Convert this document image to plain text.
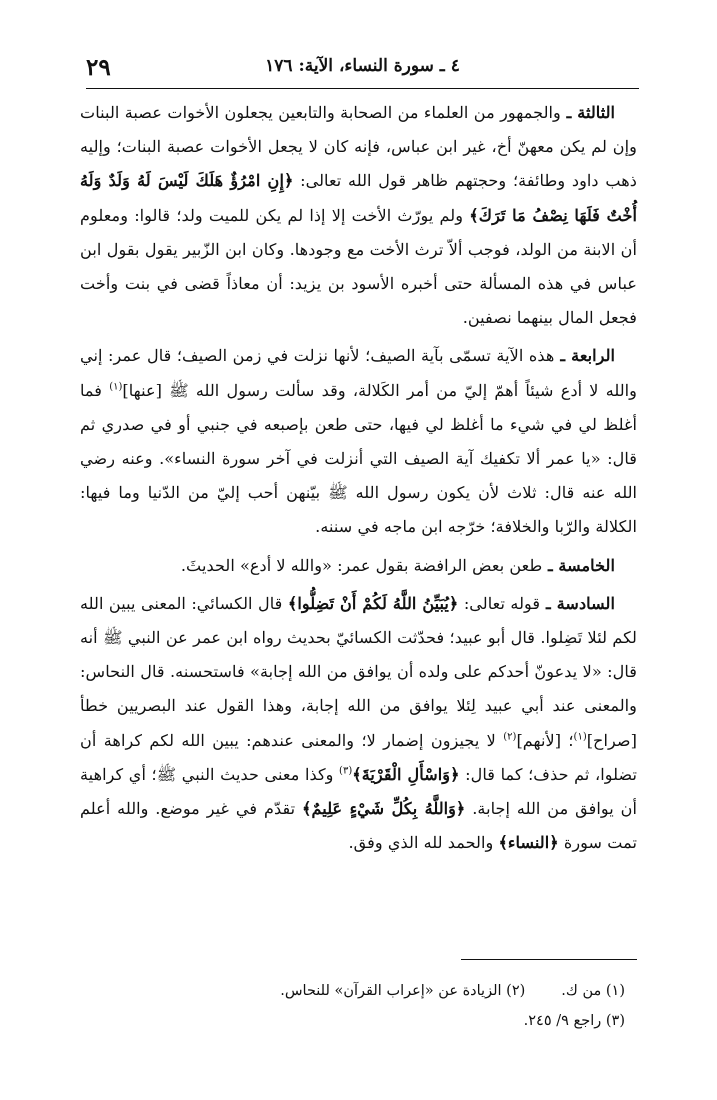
٤ ـ سورة النساء، الآية: ١٧٦
٢٩

الثالثة ـ والجمهور من العلماء من الصحابة والتابعين يجعلون الأخوات عصبة البنات وإن لم يكن معهنّ أخ، غير ابن عباس، فإنه كان لا يجعل الأخوات عصبة البنات؛ وإليه ذهب داود وطائفة؛ وحجتهم ظاهر قول الله تعالى: ﴿إِنِ امْرُؤٌ هَلَكَ لَيْسَ لَهُ وَلَدٌ وَلَهُ أُخْتٌ فَلَهَا نِصْفُ مَا تَرَكَ﴾ ولم يورّث الأخت إلا إذا لم يكن للميت ولد؛ قالوا: ومعلوم أن الابنة من الولد، فوجب ألاّ ترث الأخت مع وجودها. وكان ابن الزّبير يقول بقول ابن عباس في هذه المسألة حتى أخبره الأسود بن يزيد: أن معاذاً قضى في بنت وأخت فجعل المال بينهما نصفين.

الرابعة ـ هذه الآية تسمّى بآية الصيف؛ لأنها نزلت في زمن الصيف؛ قال عمر: إني والله لا أدع شيئاً أهمّ إليّ من أمر الكَلالة، وقد سألت رسول الله ﷺ [عنها]$^{(١)}$ فما أغلظ لي في شيء ما أغلظ لي فيها، حتى طعن بإصبعه في جنبي أو في صدري ثم قال: «يا عمر ألا تكفيك آية الصيف التي أنزلت في آخر سورة النساء». وعنه رضي الله عنه قال: ثلاث لأن يكون رسول الله ﷺ بيّنهن أحب إليّ من الدّنيا وما فيها: الكلالة والرّبا والخلافة؛ خرّجه ابن ماجه في سننه.

الخامسة ـ طعن بعض الرافضة بقول عمر: «والله لا أدع» الحديثَ.

السادسة ـ قوله تعالى: ﴿يُبَيِّنُ اللَّهُ لَكُمْ أَنْ تَضِلُّوا﴾ قال الكسائي: المعنى يبين الله لكم لئلا تَضِلوا. قال أبو عبيد؛ فحدّثت الكسائيّ بحديث رواه ابن عمر عن النبي ﷺ أنه قال: «لا يدعونّ أحدكم على ولده أن يوافق من الله إجابة» فاستحسنه. قال النحاس: والمعنى عند أبي عبيد لِئلا يوافق من الله إجابة، وهذا القول عند البصريين خطأ [صراح]$^{(١)}$؛ [لأنهم]$^{(٢)}$ لا يجيزون إضمار لا؛ والمعنى عندهم: يبين الله لكم كراهة أن تضلوا، ثم حذف؛ كما قال: ﴿وَاسْأَلِ الْقَرْيَةَ﴾$^{(٣)}$ وكذا معنى حديث النبي ﷺ؛ أي كراهية أن يوافق من الله إجابة. ﴿وَاللَّهُ بِكُلِّ شَيْءٍ عَلِيمٌ﴾ تقدّم في غير موضع. والله أعلم تمت سورة ﴿النساء﴾ والحمد لله الذي وفق.

(١) من ك.(٢) الزيادة عن «إعراب القرآن» للنحاس.
(٣) راجع ٩/ ٢٤٥.
